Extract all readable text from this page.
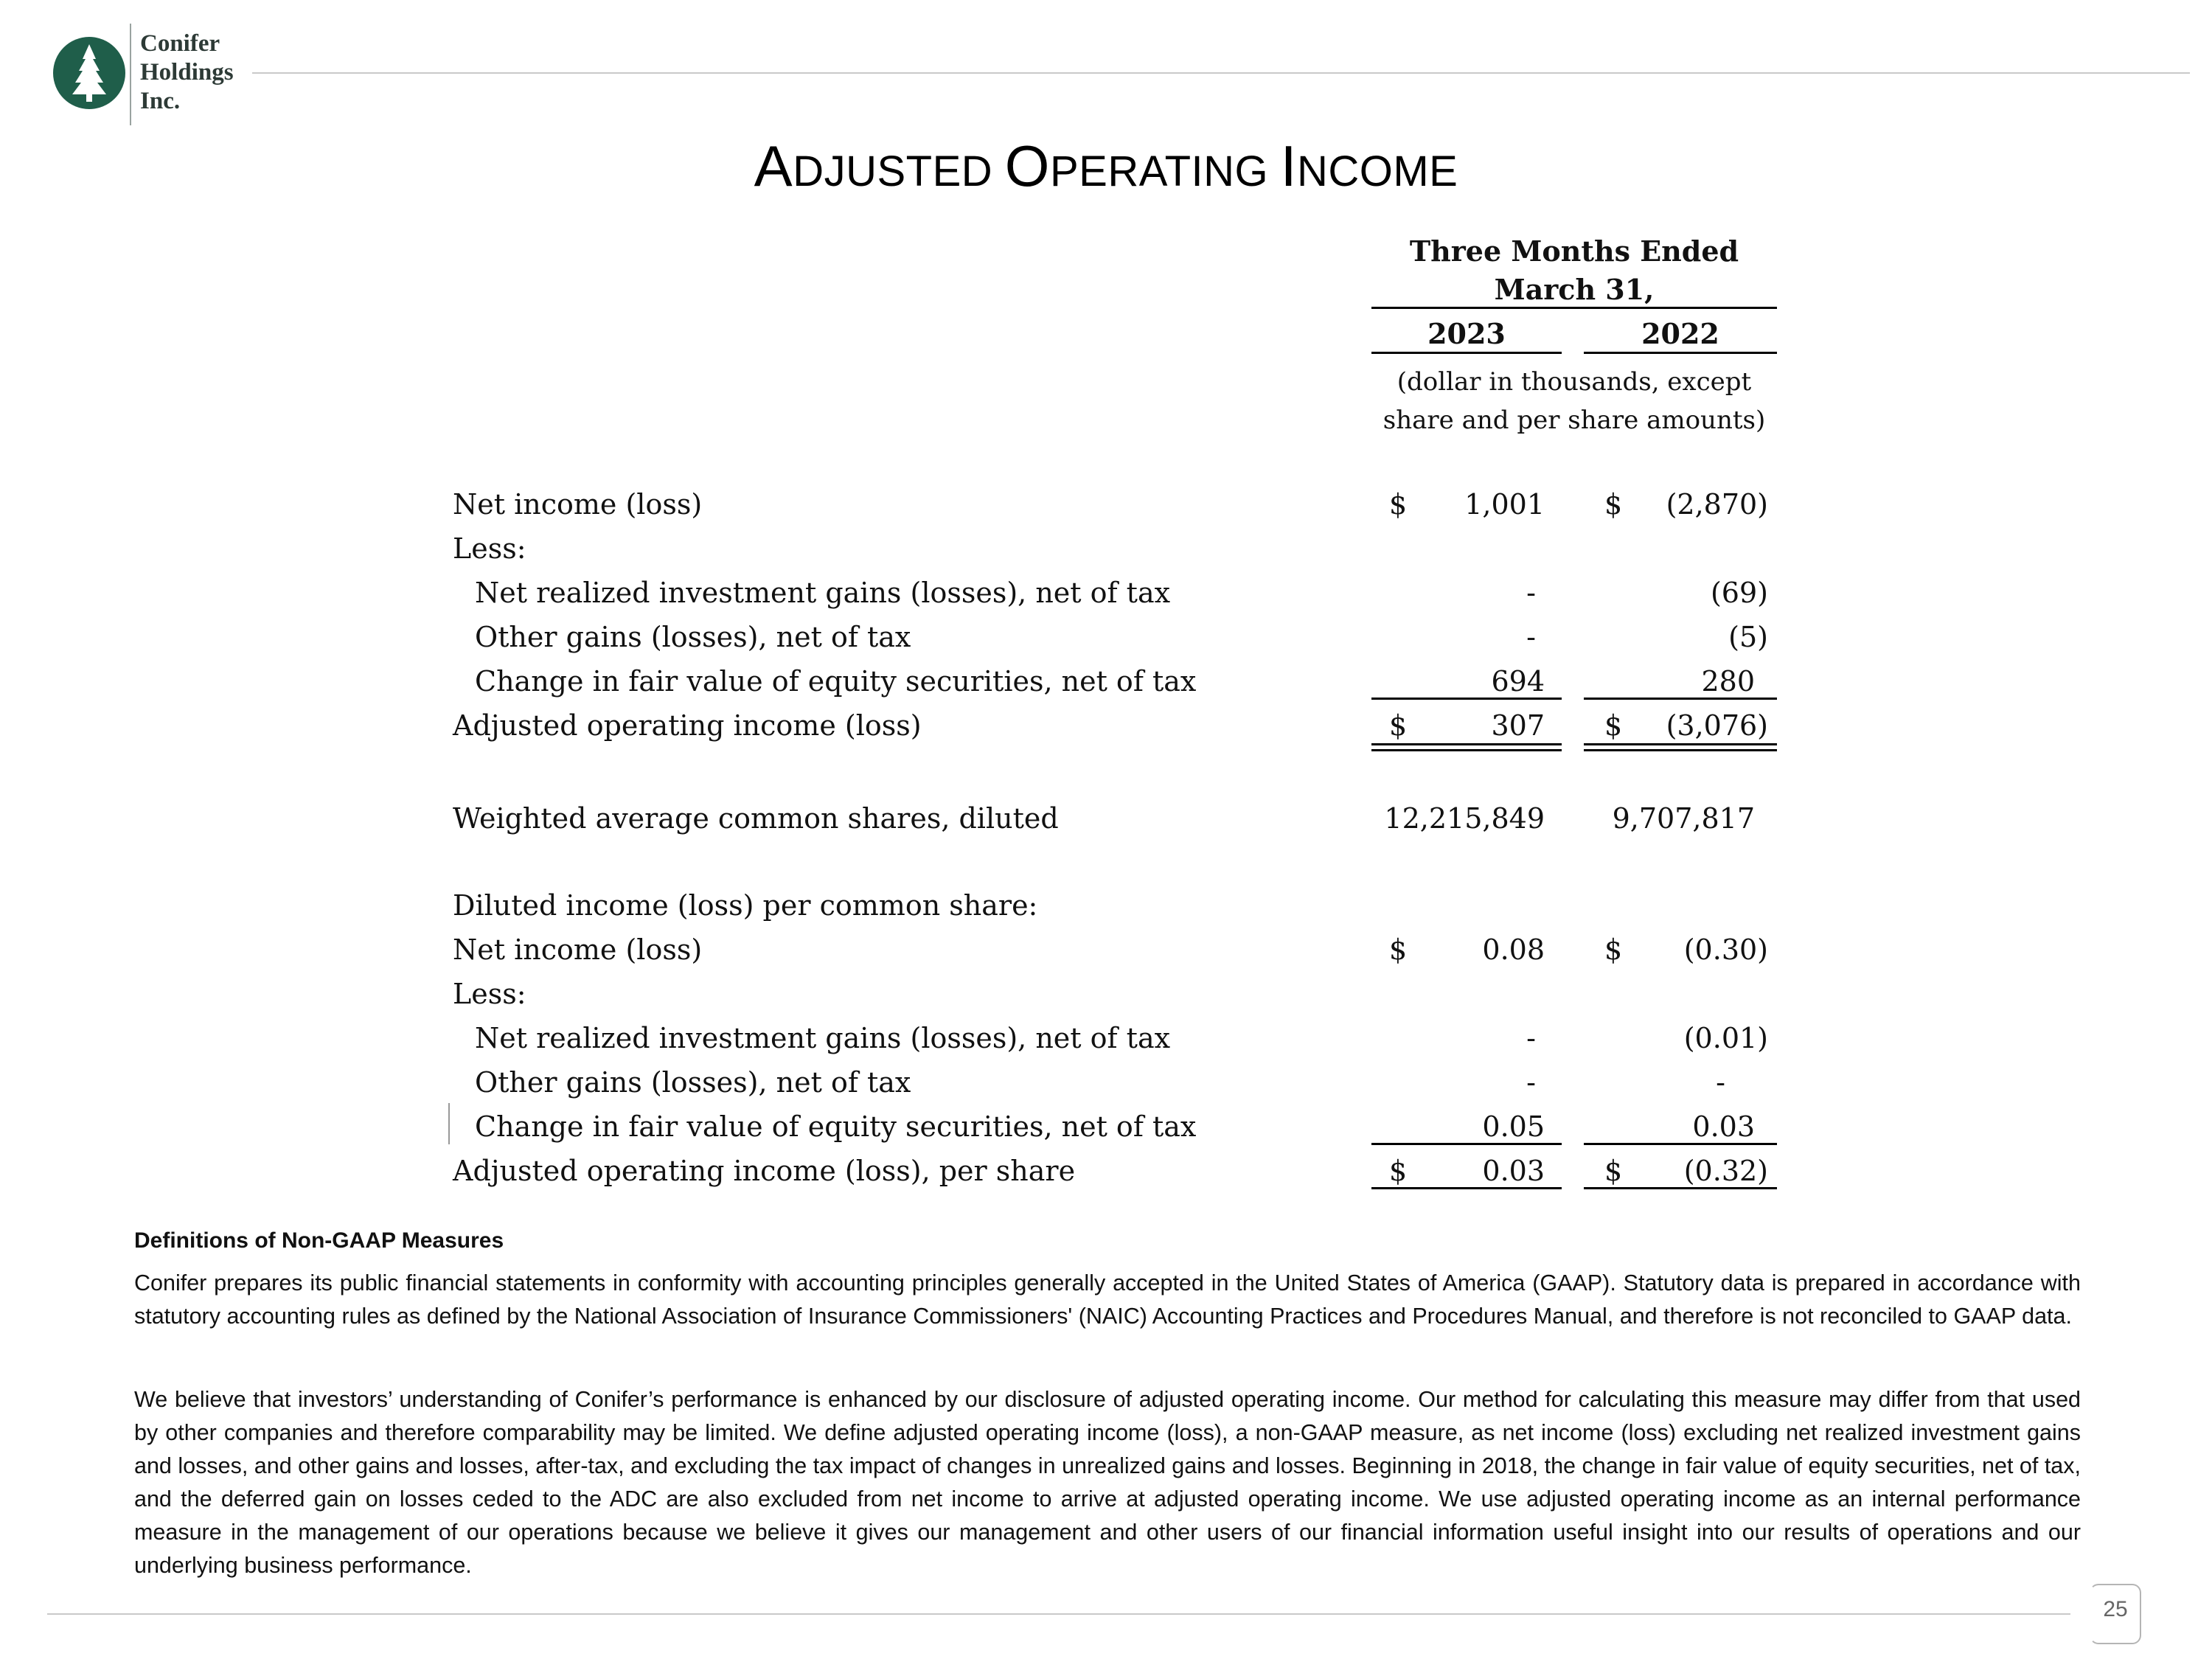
Conifer
Holdings
Inc.
ADJUSTED OPERATING INCOME
Three Months Ended
March 31,
2023	2022
(dollar in thousands, except
share and per share amounts)
Net income (loss)	$ 1,001 $ (2,870)
Less:
Net realized investment gains (losses), net of tax	-	(69)
Other gains (losses), net of tax	-	(5)
Change in fair value of equity securities, net of tax	694	280
Adjusted operating income (loss)	$	307 $ (3,076)
Weighted average common shares, diluted	12,215,849 9,707,817
Diluted income (loss) per common share:
Net income (loss)	$	0.08 $ (0.30)
Less:
Net realized investment gains (losses), net of tax	-	(0.01)
Other gains (losses), net of tax	-	-
Change in fair value of equity securities, net of tax	0.05	0.03
Adjusted operating income (loss), per share	$	0.03 $ (0.32)
Definitions of Non-GAAP Measures
Conifer prepares its public financial statements in conformity with accounting principles generally accepted in the United States of America (GAAP). Statutory data is prepared in accordance with statutory accounting rules as defined by the National Association of Insurance Commissioners' (NAIC) Accounting Practices and Procedures Manual, and therefore is not reconciled to GAAP data.
We believe that investors’ understanding of Conifer’s performance is enhanced by our disclosure of adjusted operating income. Our method for calculating this measure may differ from that used by other companies and therefore comparability may be limited. We define adjusted operating income (loss), a non-GAAP measure, as net income (loss) excluding net realized investment gains and losses, and other gains and losses, after-tax, and excluding the tax impact of changes in unrealized gains and losses. Beginning in 2018, the change in fair value of equity securities, net of tax, and the deferred gain on losses ceded to the ADC are also excluded from net income to arrive at adjusted operating income. We use adjusted operating income as an internal performance measure in the management of our operations because we believe it gives our management and other users of our financial information useful insight into our results of operations and our underlying business performance.
25
